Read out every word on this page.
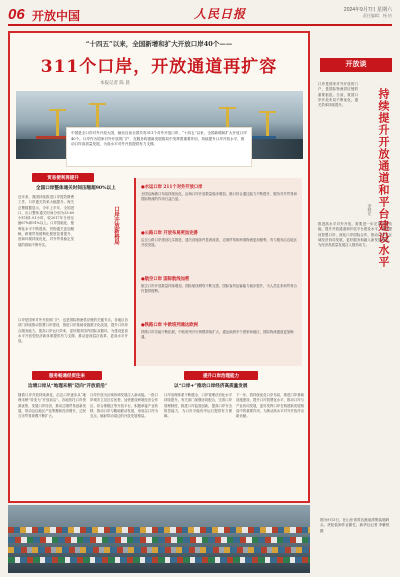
06 开放中国	人民日报	2024年9月7日 星期六
责任编辑：杨 怡
“十四五”以来，全国新增和扩大开放口岸40个——
311个口岸，开放通道再扩容
本报记者 陈 晨
中国是全口岸对外开放大国，截至目前全国共有311个对外开放口岸，“十四五”以来，全国新增和扩大开放口岸40个。口岸作为国家对外开放的门户，在服务构建新发展格局中发挥着重要作用，持续提升口岸开放水平，推动口岸高质量发展，为高水平对外开放提供有力支撑。
贸易便利再提升
全国口岸整体通关时间压缩超90%以上
近年来，我国持续推进口岸提效降费工作，口岸通关效率大幅提升。海关总署数据显示，今年上半年，全国进口、出口整体通关时间分别为33.69小时和1.01小时，较2017年分别压缩67%和91%以上。口岸智能化、便利化水平不断提高，货物通关更加顺畅，跨境贸易便利化程度显著提升，营商环境持续优化，对外贸易稳定发展的基础不断夯实。
口岸是国家对外开放的门户，也是国际物流供应链的关键节点。各地区各部门持续推动智慧口岸建设，推进口岸基础设施数字化改造，提升口岸综合服务能力，提高口岸运行效率，更好服务国内国际双循环，为建设更高水平开放型经济新体制提供有力支撑，推动更深层次改革、更高水平开放。
口岸开放新格局
●水运口岸 211个对外开放口岸
全国沿海港口布局持续优化，沿海口岸开放数量稳步增加，港口综合通过能力不断提升，服务对外贸易和国际物流的作用日益凸显。
●公路口岸 开放布局更加完善
沿边公路口岸建设扎实推进，通关设施条件显著改善，边境贸易和跨境物流更加便利，有力服务沿边地区开放发展。
●航空口岸 国际航线加密
航空口岸开放数量持续增加，国际航线网络不断完善，国际客货运输能力稳步提升，为人员往来和贸易合作提供便利。
●铁路口岸 中欧班列通达欧洲
铁路口岸功能不断拓展，中欧班列开行规模持续扩大，通达欧洲多个国家和地区，国际物流通道更加畅通。
服务畅通经贸往来
边境口岸从“地理末梢”迈向“开放前沿”
随着口岸开放持续深化，沿边口岸逐步从“地理末梢”转变为“开放前沿”。各地依托口岸资源优势，发展口岸经济，推动边境贸易创新发展，带动沿边地区产业集聚和经济增长，边民互市贸易规模不断扩大。
口岸开放为区域协调发展注入新动能。一批口岸城市立足区位优势，加快建设跨境经济合作区、综合保税区等开放平台，积极承接产业转移，推动口岸与腹地联动发展，形成以口岸为支点、辐射带动周边的开放发展格局。
提升口岸治理能力
以“口岸+”推动口岸经济高质量发展
口岸治理体系不断健全，口岸管理法治化水平持续提升。有关部门加强协同配合，完善口岸管理制度，推进口岸监管创新，提高口岸安全防控能力，为口岸平稳有序运行提供有力保障。
下一步，将持续优化口岸布局，推进口岸基础设施建设，提升口岸智慧化水平，推动口岸与产业协同发展，更好发挥口岸在构建新发展格局中的重要作用，为推动高水平对外开放作出新贡献。
开放谈
口岸是国家对外开放的门户，是国际物流供应链的重要枢纽。当前，我国口岸开放布局不断优化，通关效率持续提升。	持续提升开放通道和平台建设水平
李晓宏
推进高水平对外开放，需要进一步完善口岸功能，提升开放通道和开放平台建设水平，加快建设智慧口岸，深化口岸国际合作，推动口岸与区域经济协同发展，更好服务和融入新发展格局，为经济高质量发展注入强劲动力。
图为9月3日，在山东省青岛港前湾集装箱码头，货轮装卸作业繁忙。新华社记者 李紫恒摄
